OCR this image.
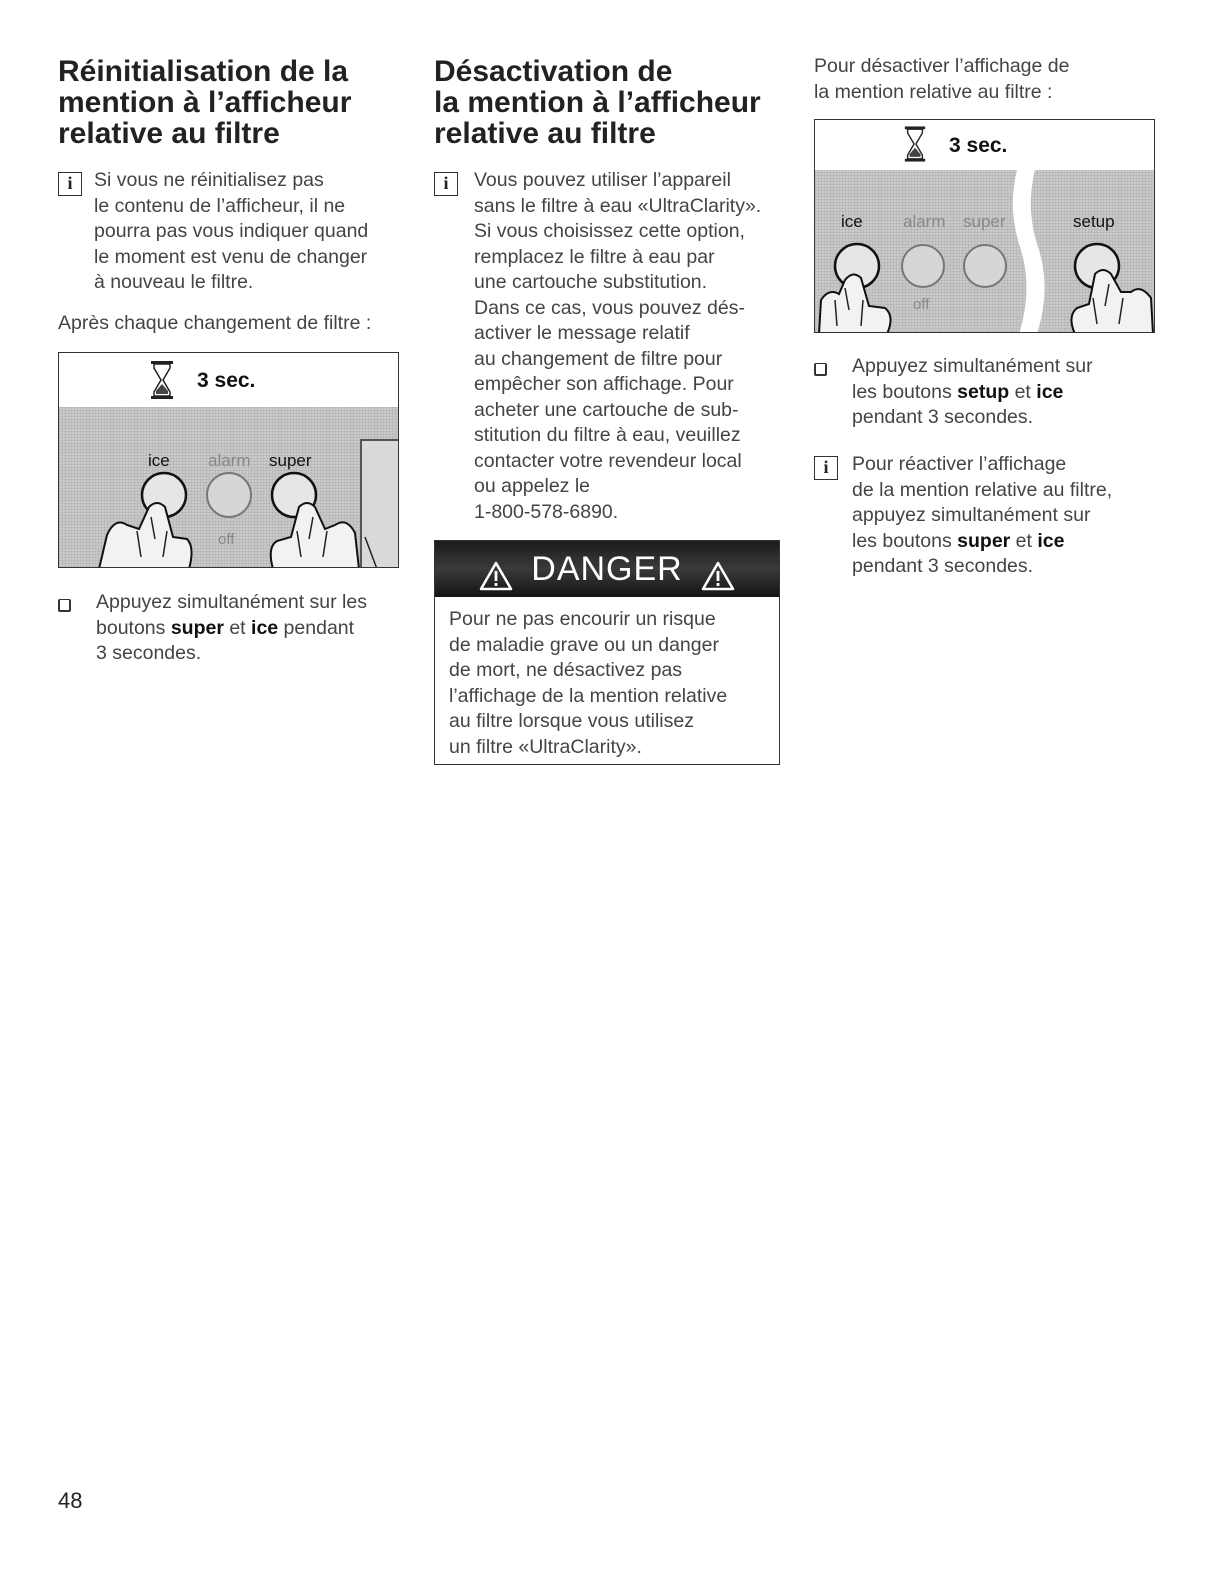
Réinitialisation de la
mention à l’afficheur
relative au filtre
i	Si vous ne réinitialisez pas
le contenu de l’afficheur, il ne
pourra pas vous indiquer quand
le moment est venu de changer
à nouveau le filtre.

Après chaque changement de filtre :

3 sec.
ice alarm super
off
Appuyez simultanément sur les
boutons super et ice pendant
3 secondes.
Désactivation de
la mention à l’afficheur
relative au filtre
i	Vous pouvez utiliser l’appareil
sans le filtre à eau «UltraClarity».
Si vous choisissez cette option,
remplacez le filtre à eau par
une cartouche substitution.
Dans ce cas, vous pouvez dés-
activer le message relatif
au changement de filtre pour
empêcher son affichage. Pour
acheter une cartouche de sub-
stitution du filtre à eau, veuillez
contacter votre revendeur local
ou appelez le
1-800-578-6890.
DANGER
Pour ne pas encourir un risque
de maladie grave ou un danger
de mort, ne désactivez pas
l’affichage de la mention relative
au filtre lorsque vous utilisez
un filtre «UltraClarity».
Pour désactiver l’affichage de
la mention relative au filtre :
3 sec.
ice alarm super	setup
off
Appuyez simultanément sur
les boutons setup et ice
pendant 3 secondes.
i	Pour réactiver l’affichage
de la mention relative au filtre,
appuyez simultanément sur
les boutons super et ice
pendant 3 secondes.
48
